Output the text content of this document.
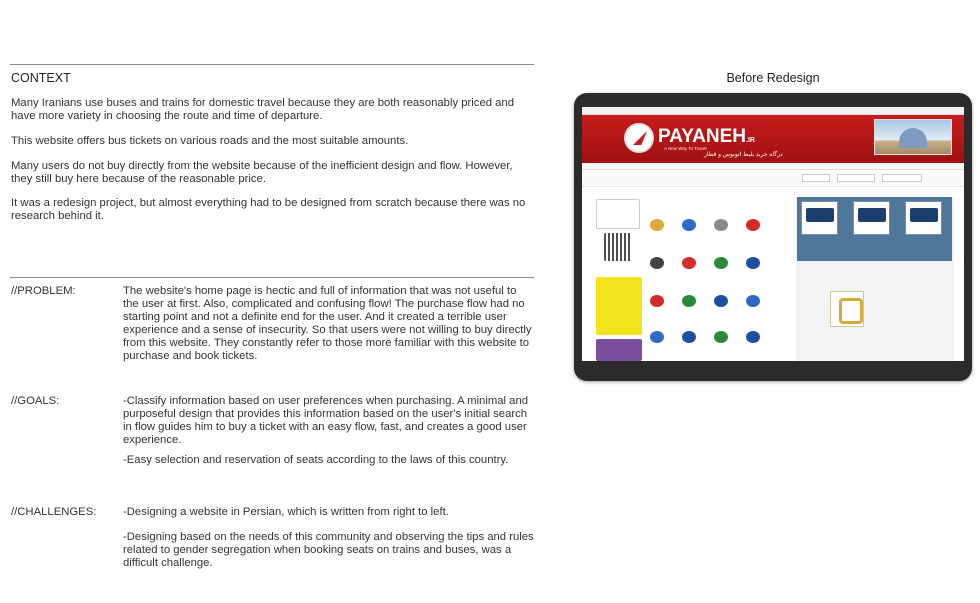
CONTEXT
Many Iranians use buses and trains for domestic travel because they are both reasonably priced and have more variety in choosing the route and time of departure.
This website offers bus tickets on various roads and the most suitable amounts.
Many users do not buy directly from the website because of the inefficient design and flow. However, they still buy here because of the reasonable price.
It was a redesign project, but almost everything had to be designed from scratch because there was no research behind it.
//PROBLEM:	The website's home page is hectic and full of information that was not useful to the user at first. Also, complicated and confusing flow! The purchase flow had no starting point and not a definite end for the user. And it created a terrible user experience and a sense of insecurity. So that users were not willing to buy directly from this website. They constantly refer to those more familiar with this website to purchase and book tickets.
//GOALS:	-Classify information based on user preferences when purchasing. A minimal and purposeful design that provides this information based on the user's initial search in flow guides him to buy a ticket with an easy flow, fast, and creates a good user experience.
-Easy selection and reservation of seats according to the laws of this country.
//CHALLENGES: -Designing a website in Persian, which is written from right to left.
-Designing based on the needs of this community and observing the tips and rules related to gender segregation when booking seats on trains and buses, was a difficult challenge.
Before Redesign
PAYANEH.IR
A New Way To Travel
درگاه خرید بلیط اتوبوس و قطار
